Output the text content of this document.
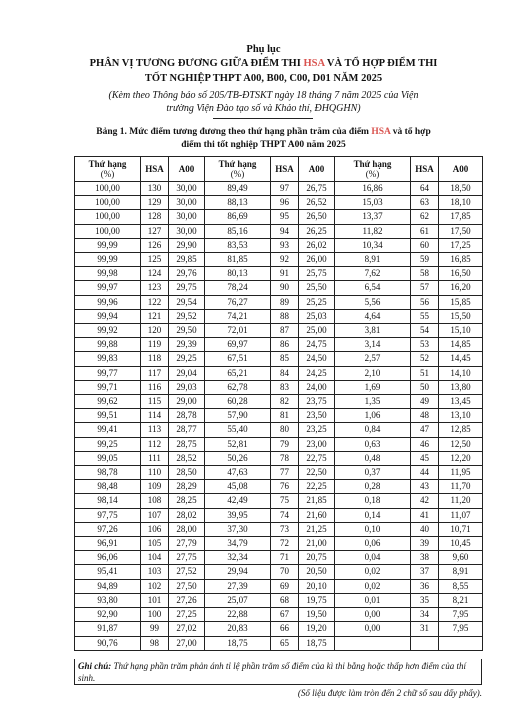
Phụ lục
PHÂN VỊ TƯƠNG ĐƯƠNG GIỮA ĐIỂM THI HSA VÀ TỔ HỢP ĐIỂM THI
TỐT NGHIỆP THPT A00, B00, C00, D01 NĂM 2025
(Kèm theo Thông báo số 205/TB-ĐTSKT ngày 18 tháng 7 năm 2025 của Viện
trường Viện Đào tạo số và Khảo thí, ĐHQGHN)
Bảng 1. Mức điểm tương đương theo thứ hạng phần trăm của điểm HSA và tổ hợp
điểm thi tốt nghiệp THPT A00 năm 2025
Thứ hạng
(%)	HSA	A00	Thứ hạng
(%)	HSA	A00	Thứ hạng
(%)	HSA	A00
100,00	130	30,00	89,49	97	26,75	16,86	64	18,50
100,00	129	30,00	88,13	96	26,52	15,03	63	18,10
100,00	128	30,00	86,69	95	26,50	13,37	62	17,85
100,00	127	30,00	85,16	94	26,25	11,82	61	17,50
99,99	126	29,90	83,53	93	26,02	10,34	60	17,25
99,99	125	29,85	81,85	92	26,00	8,91	59	16,85
99,98	124	29,76	80,13	91	25,75	7,62	58	16,50
99,97	123	29,75	78,24	90	25,50	6,54	57	16,20
99,96	122	29,54	76,27	89	25,25	5,56	56	15,85
99,94	121	29,52	74,21	88	25,03	4,64	55	15,50
99,92	120	29,50	72,01	87	25,00	3,81	54	15,10
99,88	119	29,39	69,97	86	24,75	3,14	53	14,85
99,83	118	29,25	67,51	85	24,50	2,57	52	14,45
99,77	117	29,04	65,21	84	24,25	2,10	51	14,10
99,71	116	29,03	62,78	83	24,00	1,69	50	13,80
99,62	115	29,00	60,28	82	23,75	1,35	49	13,45
99,51	114	28,78	57,90	81	23,50	1,06	48	13,10
99,41	113	28,77	55,40	80	23,25	0,84	47	12,85
99,25	112	28,75	52,81	79	23,00	0,63	46	12,50
99,05	111	28,52	50,26	78	22,75	0,48	45	12,20
98,78	110	28,50	47,63	77	22,50	0,37	44	11,95
98,48	109	28,29	45,08	76	22,25	0,28	43	11,70
98,14	108	28,25	42,49	75	21,85	0,18	42	11,20
97,75	107	28,02	39,95	74	21,60	0,14	41	11,07
97,26	106	28,00	37,30	73	21,25	0,10	40	10,71
96,91	105	27,79	34,79	72	21,00	0,06	39	10,45
96,06	104	27,75	32,34	71	20,75	0,04	38	9,60
95,41	103	27,52	29,94	70	20,50	0,02	37	8,91
94,89	102	27,50	27,39	69	20,10	0,02	36	8,55
93,80	101	27,26	25,07	68	19,75	0,01	35	8,21
92,90	100	27,25	22,88	67	19,50	0,00	34	7,95
91,87	99	27,02	20,83	66	19,20	0,00	31	7,95
90,76	98	27,00	18,75	65	18,75			
Ghi chú: Thứ hạng phần trăm phản ánh tỉ lệ phần trăm số điểm của kì thi bằng hoặc thấp hơn điểm của thí sinh.
(Số liệu được làm tròn đến 2 chữ số sau dấy phẩy).
